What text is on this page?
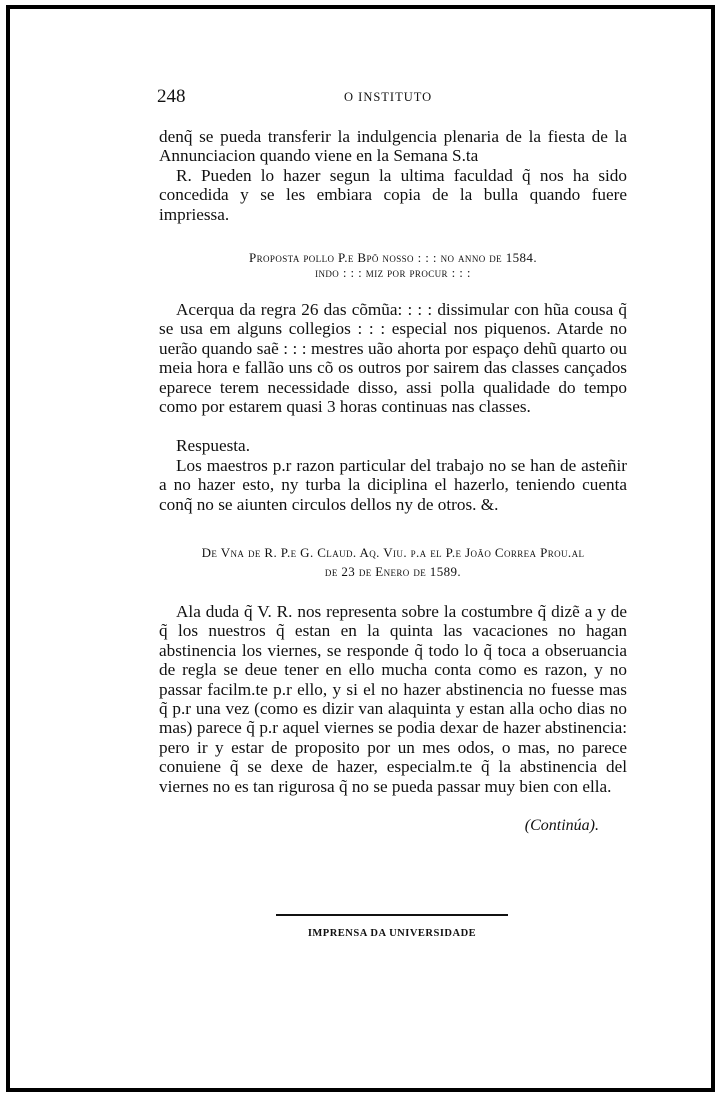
248	O INSTITUTO

denq̃ se pueda transferir la indulgencia plenaria de la fiesta de la Annunciacion quando viene en la Semana S.ta

R. Pueden lo hazer segun la ultima faculdad q̃ nos ha sido concedida y se les embiara copia de la bulla quando fuere impriessa.

Proposta pollo P.e Bpõ nosso : : : no anno de 1584.

indo : : : miz por procur : : :

Acerqua da regra 26 das cõmũa: : : : dissimular con hũa cousa q̃ se usa em alguns collegios : : : especial nos piquenos. Atarde no uerão quando saẽ : : : mestres uão ahorta por espaço dehũ quarto ou meia hora e fallão uns cõ os outros por sairem das classes cançados eparece terem necessidade disso, assi polla qualidade do tempo como por estarem quasi 3 horas continuas nas classes.

Respuesta.

Los maestros p.r razon particular del trabajo no se han de asteñir a no hazer esto, ny turba la diciplina el hazerlo, teniendo cuenta conq̃ no se aiunten circulos dellos ny de otros. &.

De Vna de R. P.e G. Claud. Aq. Viu. p.a el P.e João Correa Prou.al

de 23 de Enero de 1589.

Ala duda q̃ V. R. nos representa sobre la costumbre q̃ dizẽ a y de q̃ los nuestros q̃ estan en la quinta las vacaciones no hagan abstinencia los viernes, se responde q̃ todo lo q̃ toca a obseruancia de regla se deue tener en ello mucha conta como es razon, y no passar facilm.te p.r ello, y si el no hazer abstinencia no fuesse mas q̃ p.r una vez (como es dizir van alaquinta y estan alla ocho dias no mas) parece q̃ p.r aquel viernes se podia dexar de hazer abstinencia: pero ir y estar de proposito por un mes odos, o mas, no parece conuiene q̃ se dexe de hazer, especialm.te q̃ la abstinencia del viernes no es tan rigurosa q̃ no se pueda passar muy bien con ella.

(Continúa).
IMPRENSA DA UNIVERSIDADE
